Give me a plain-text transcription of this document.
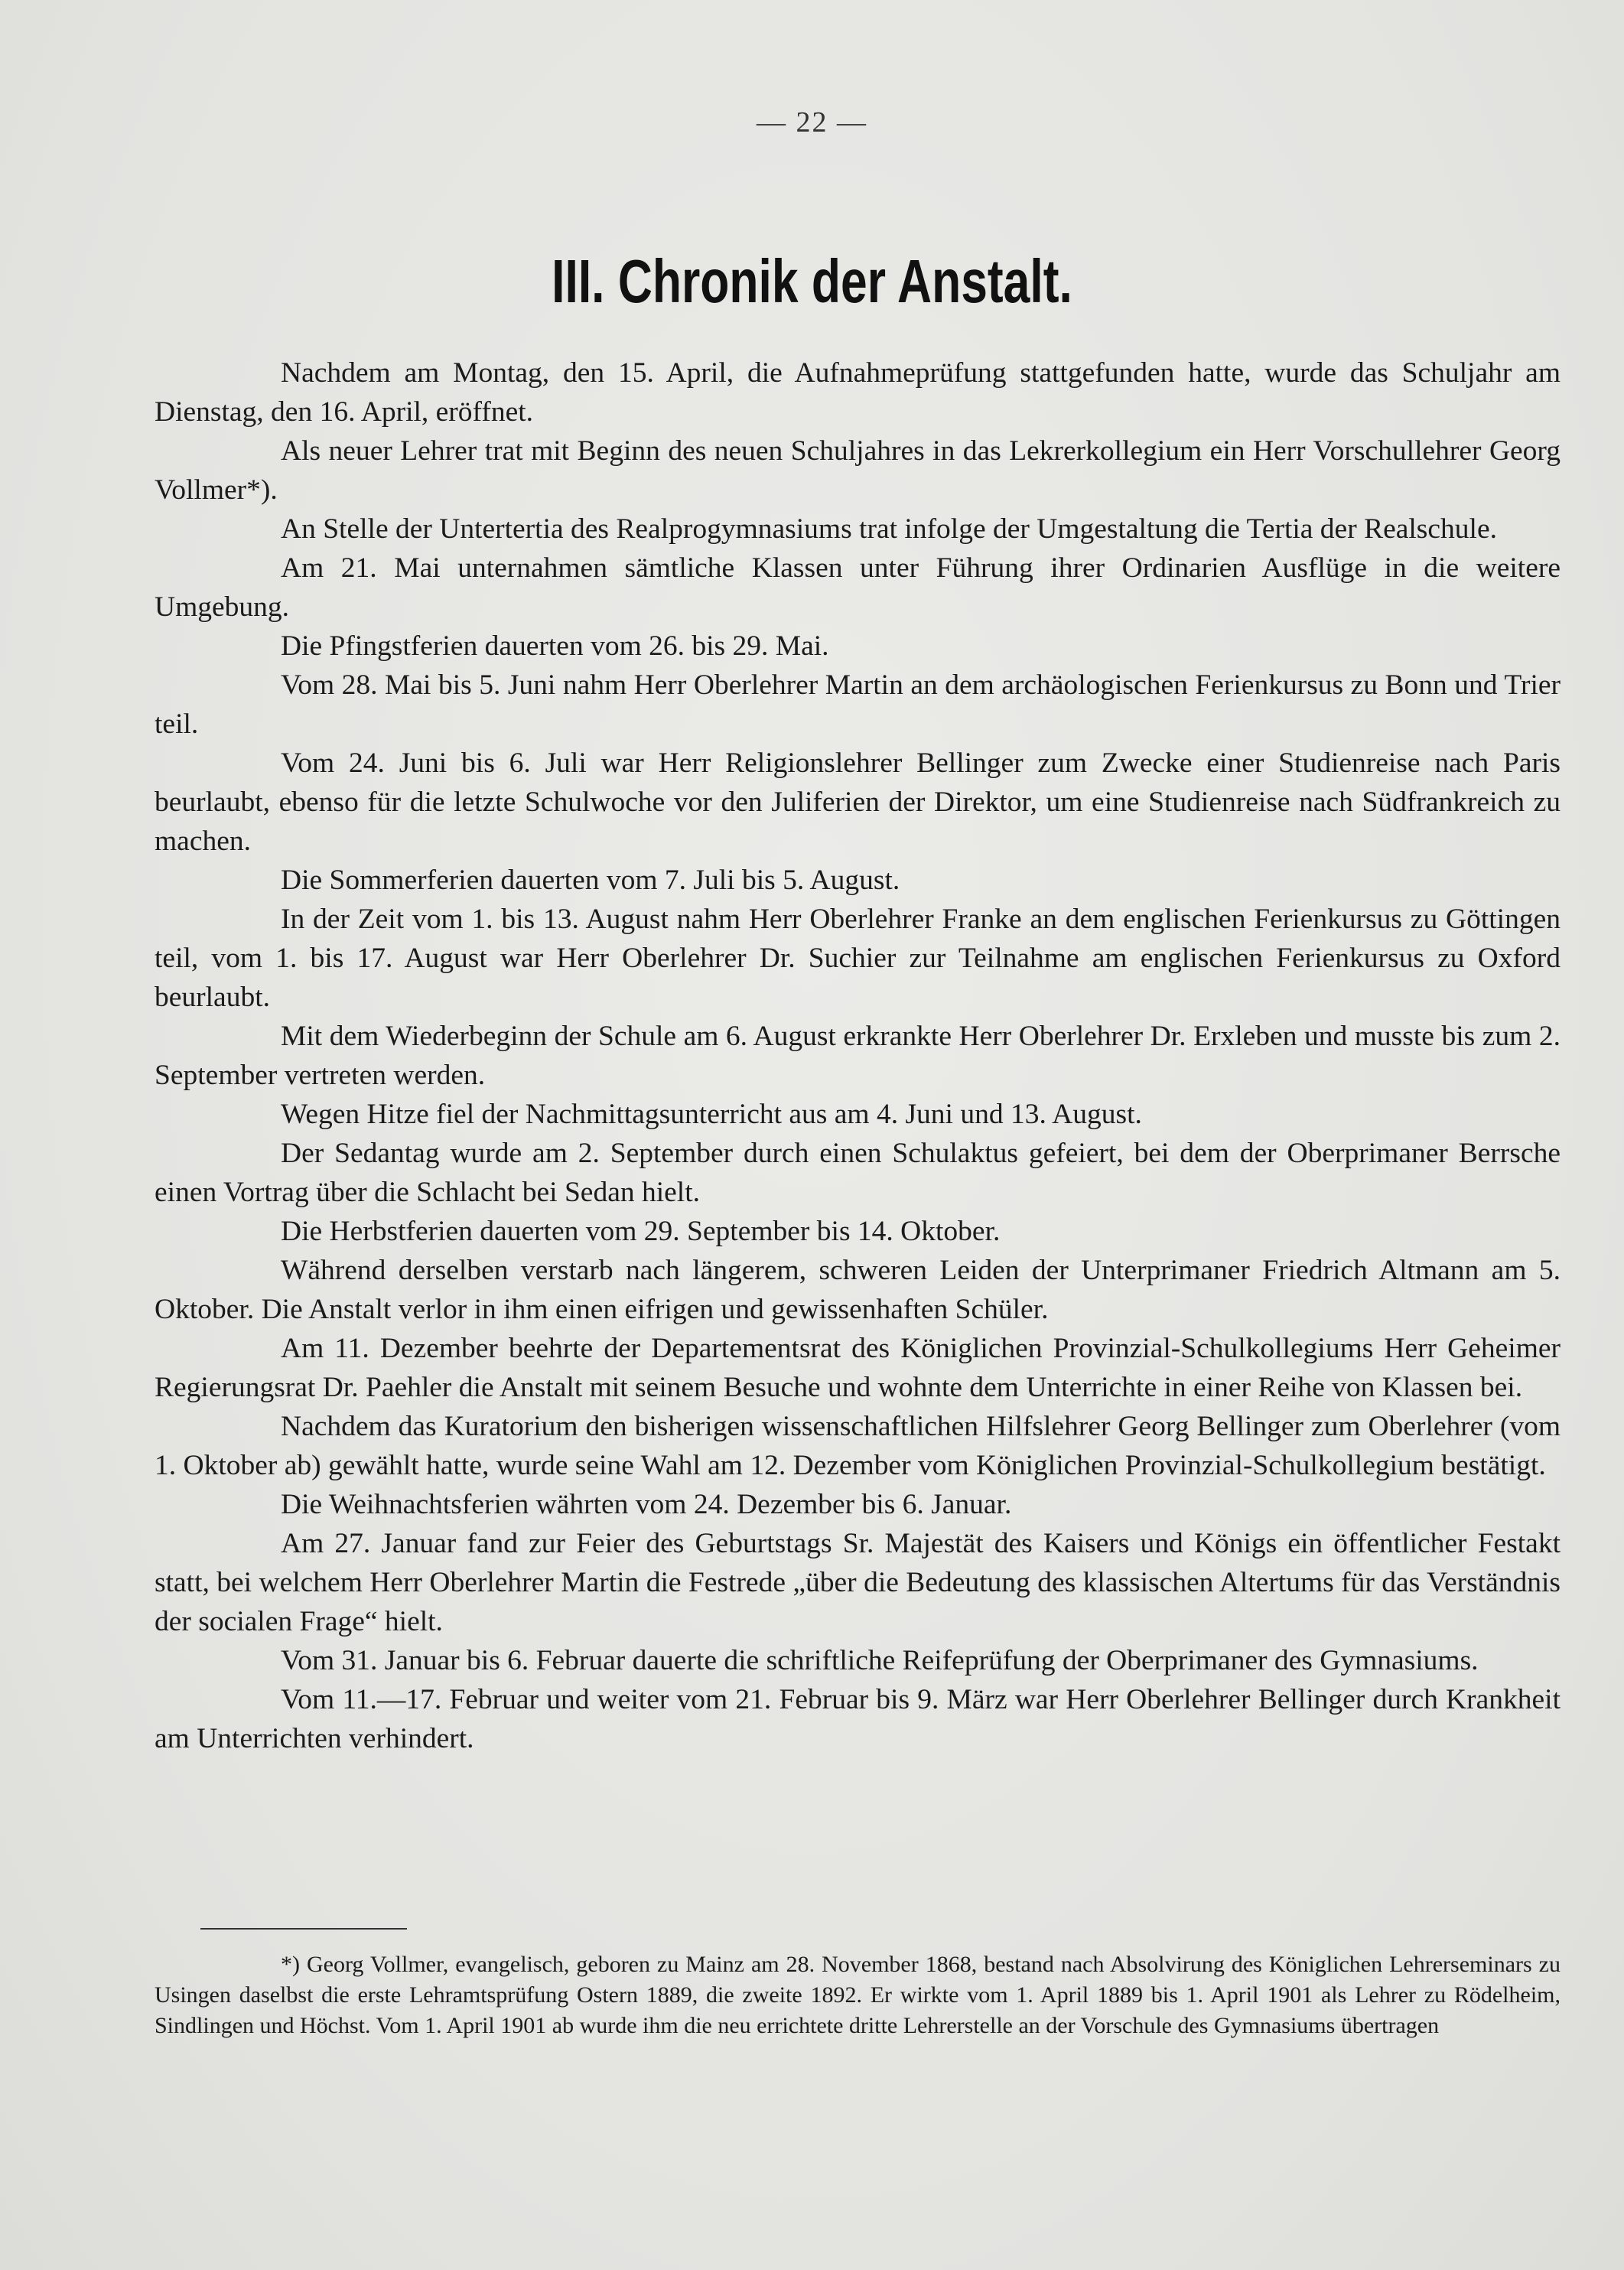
— 22 —
III. Chronik der Anstalt.

Nachdem am Montag, den 15. April, die Aufnahmeprüfung stattgefunden hatte, wurde das Schuljahr am Dienstag, den 16. April, eröffnet.

Als neuer Lehrer trat mit Beginn des neuen Schuljahres in das Lekrerkollegium ein Herr Vorschullehrer Georg Vollmer*).

An Stelle der Untertertia des Realprogymnasiums trat infolge der Umgestaltung die Tertia der Realschule.

Am 21. Mai unternahmen sämtliche Klassen unter Führung ihrer Ordinarien Ausflüge in die weitere Umgebung.

Die Pfingstferien dauerten vom 26. bis 29. Mai.

Vom 28. Mai bis 5. Juni nahm Herr Oberlehrer Martin an dem archäologischen Ferienkursus zu Bonn und Trier teil.

Vom 24. Juni bis 6. Juli war Herr Religionslehrer Bellinger zum Zwecke einer Studienreise nach Paris beurlaubt, ebenso für die letzte Schulwoche vor den Juliferien der Direktor, um eine Studienreise nach Südfrankreich zu machen.

Die Sommerferien dauerten vom 7. Juli bis 5. August.

In der Zeit vom 1. bis 13. August nahm Herr Oberlehrer Franke an dem englischen Ferienkursus zu Göttingen teil, vom 1. bis 17. August war Herr Oberlehrer Dr. Suchier zur Teilnahme am englischen Ferienkursus zu Oxford beurlaubt.

Mit dem Wiederbeginn der Schule am 6. August erkrankte Herr Oberlehrer Dr. Erxleben und musste bis zum 2. September vertreten werden.

Wegen Hitze fiel der Nachmittagsunterricht aus am 4. Juni und 13. August.

Der Sedantag wurde am 2. September durch einen Schulaktus gefeiert, bei dem der Oberprimaner Berrsche einen Vortrag über die Schlacht bei Sedan hielt.

Die Herbstferien dauerten vom 29. September bis 14. Oktober.

Während derselben verstarb nach längerem, schweren Leiden der Unterprimaner Friedrich Altmann am 5. Oktober. Die Anstalt verlor in ihm einen eifrigen und gewissenhaften Schüler.

Am 11. Dezember beehrte der Departementsrat des Königlichen Provinzial-Schulkollegiums Herr Geheimer Regierungsrat Dr. Paehler die Anstalt mit seinem Besuche und wohnte dem Unterrichte in einer Reihe von Klassen bei.

Nachdem das Kuratorium den bisherigen wissenschaftlichen Hilfslehrer Georg Bellinger zum Oberlehrer (vom 1. Oktober ab) gewählt hatte, wurde seine Wahl am 12. Dezember vom Königlichen Provinzial-Schulkollegium bestätigt.

Die Weihnachtsferien währten vom 24. Dezember bis 6. Januar.

Am 27. Januar fand zur Feier des Geburtstags Sr. Majestät des Kaisers und Königs ein öffentlicher Festakt statt, bei welchem Herr Oberlehrer Martin die Festrede „über die Bedeutung des klassischen Altertums für das Verständnis der socialen Frage“ hielt.

Vom 31. Januar bis 6. Februar dauerte die schriftliche Reifeprüfung der Oberprimaner des Gymnasiums.

Vom 11.—17. Februar und weiter vom 21. Februar bis 9. März war Herr Oberlehrer Bellinger durch Krankheit am Unterrichten verhindert.

*) Georg Vollmer, evangelisch, geboren zu Mainz am 28. November 1868, bestand nach Absolvirung des Königlichen Lehrerseminars zu Usingen daselbst die erste Lehramtsprüfung Ostern 1889, die zweite 1892. Er wirkte vom 1. April 1889 bis 1. April 1901 als Lehrer zu Rödelheim, Sindlingen und Höchst. Vom 1. April 1901 ab wurde ihm die neu errichtete dritte Lehrerstelle an der Vorschule des Gymnasiums übertragen
